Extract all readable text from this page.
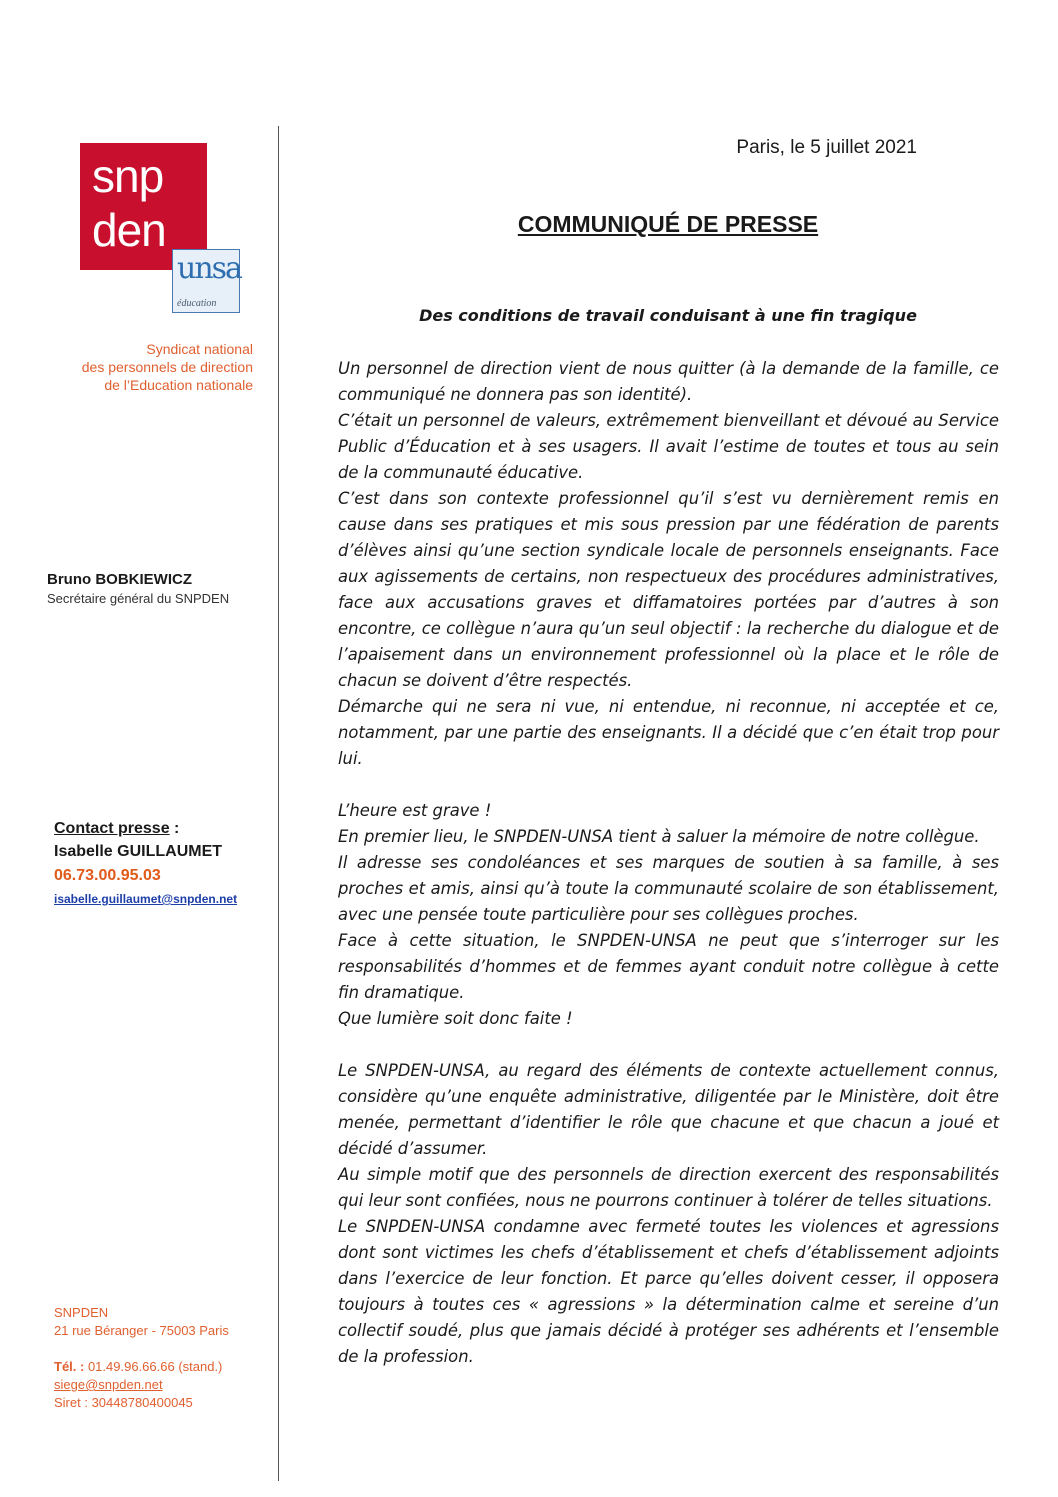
snp
den
unsa
éducation
Syndicat national
des personnels de direction
de l’Education nationale
Bruno BOBKIEWICZ
Secrétaire général du SNPDEN
Contact presse :
Isabelle GUILLAUMET
06.73.00.95.03
isabelle.guillaumet@snpden.net
SNPDEN
21 rue Béranger - 75003 Paris
Tél. : 01.49.96.66.66 (stand.)
siege@snpden.net
Siret : 30448780400045
Paris, le 5 juillet 2021
COMMUNIQUÉ DE PRESSE
Des conditions de travail conduisant à une fin tragique

Un personnel de direction vient de nous quitter (à la demande de la famille, ce communiqué ne donnera pas son identité).

C’était un personnel de valeurs, extrêmement bienveillant et dévoué au Service Public d’Éducation et à ses usagers. Il avait l’estime de toutes et tous au sein de la communauté éducative.

C’est dans son contexte professionnel qu’il s’est vu dernièrement remis en cause dans ses pratiques et mis sous pression par une fédération de parents d’élèves ainsi qu’une section syndicale locale de personnels enseignants. Face aux agissements de certains, non respectueux des procédures administratives, face aux accusations graves et diffamatoires portées par d’autres à son encontre, ce collègue n’aura qu’un seul objectif : la recherche du dialogue et de l’apaisement dans un environnement professionnel où la place et le rôle de chacun se doivent d’être respectés.

Démarche qui ne sera ni vue, ni entendue, ni reconnue, ni acceptée et ce, notamment, par une partie des enseignants. Il a décidé que c’en était trop pour lui.

L’heure est grave !

En premier lieu, le SNPDEN-UNSA tient à saluer la mémoire de notre collègue.

Il adresse ses condoléances et ses marques de soutien à sa famille, à ses proches et amis, ainsi qu’à toute la communauté scolaire de son établissement, avec une pensée toute particulière pour ses collègues proches.

Face à cette situation, le SNPDEN-UNSA ne peut que s’interroger sur les responsabilités d’hommes et de femmes ayant conduit notre collègue à cette fin dramatique.

Que lumière soit donc faite !

Le SNPDEN-UNSA, au regard des éléments de contexte actuellement connus, considère qu’une enquête administrative, diligentée par le Ministère, doit être menée, permettant d’identifier le rôle que chacune et que chacun a joué et décidé d’assumer.

Au simple motif que des personnels de direction exercent des responsabilités qui leur sont confiées, nous ne pourrons continuer à tolérer de telles situations.

Le SNPDEN-UNSA condamne avec fermeté toutes les violences et agressions dont sont victimes les chefs d’établissement et chefs d’établissement adjoints dans l’exercice de leur fonction. Et parce qu’elles doivent cesser, il opposera toujours à toutes ces « agressions » la détermination calme et sereine d’un collectif soudé, plus que jamais décidé à protéger ses adhérents et l’ensemble de la profession.
